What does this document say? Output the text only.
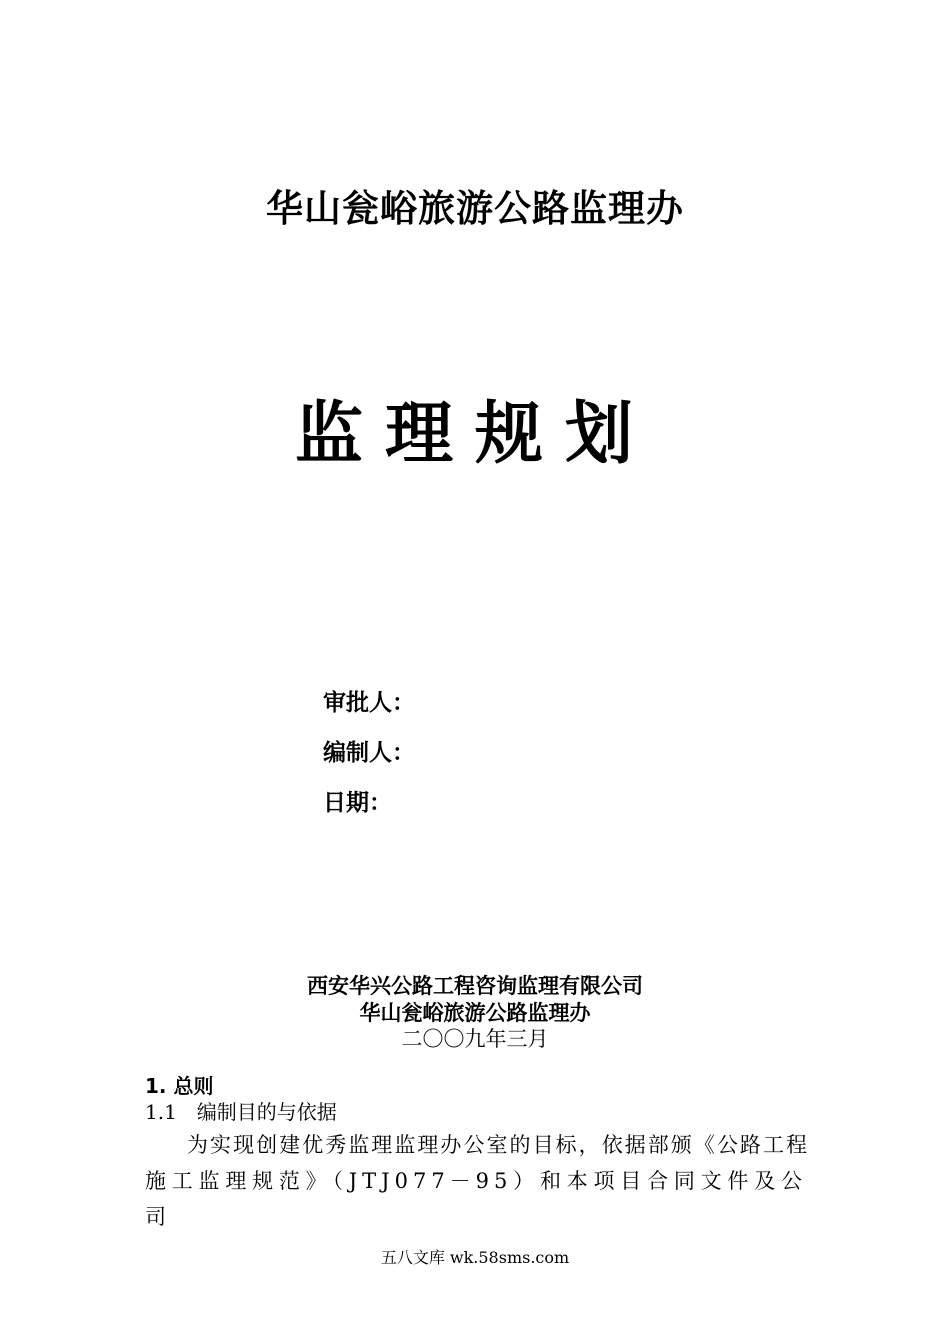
华山瓮峪旅游公路监理办
监理规划
审批人：
编制人：
日期：
西安华兴公路工程咨询监理有限公司
华山瓮峪旅游公路监理办
二〇〇九年三月
1. 总则
1.1 编制目的与依据
为实现创建优秀监理监理办公室的目标，依据部颁《公路工程
施工监理规范》（JTJ077－95）和本项目合同文件及公司
五八文库 wk.58sms.com
